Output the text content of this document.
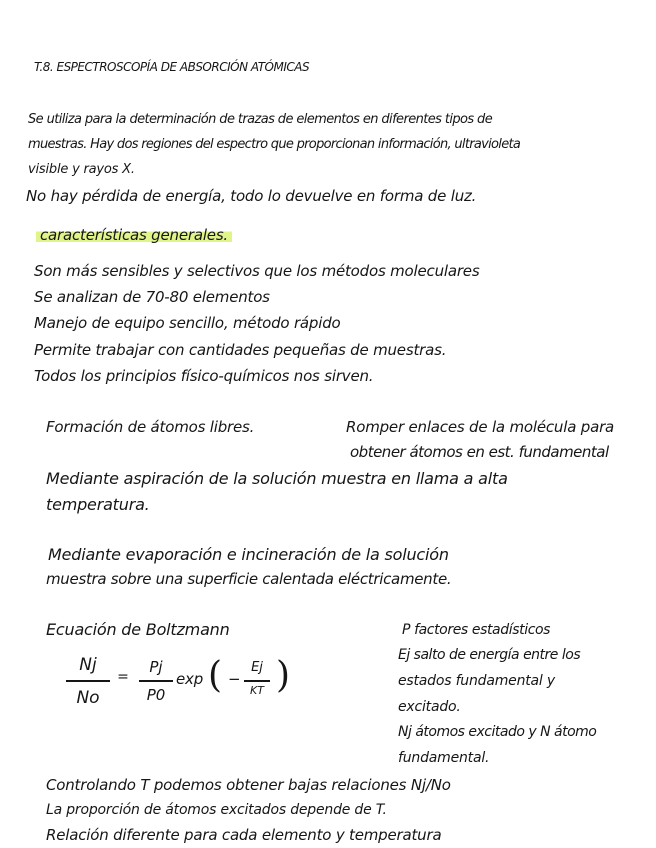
T.8. ESPECTROSCOPÍA DE ABSORCIÓN ATÓMICAS
Se utiliza para la determinación de trazas de elementos en diferentes tipos de
muestras. Hay dos regiones del espectro que proporcionan información, ultravioleta
visible y rayos X.
No hay pérdida de energía, todo lo devuelve en forma de luz.
características generales.
Son más sensibles y selectivos que los métodos moleculares
Se analizan de 70-80 elementos
Manejo de equipo sencillo, método rápido
Permite trabajar con cantidades pequeñas de muestras.
Todos los principios físico-químicos nos sirven.
Formación de átomos libres.	Romper enlaces de la molécula para
obtener átomos en est. fundamental
Mediante aspiración de la solución muestra en llama a alta
temperatura.
Mediante evaporación e incineración de la solución
muestra sobre una superficie calentada eléctricamente.
Ecuación de Boltzmann
Nj
No
=
Pj
P0
exp ( −
Ej
KT )
P factores estadísticos
Ej salto de energía entre los
estados fundamental y
excitado.
Nj átomos excitado y N átomo
fundamental.
Controlando T podemos obtener bajas relaciones Nj/No
La proporción de átomos excitados depende de T.
Relación diferente para cada elemento y temperatura
